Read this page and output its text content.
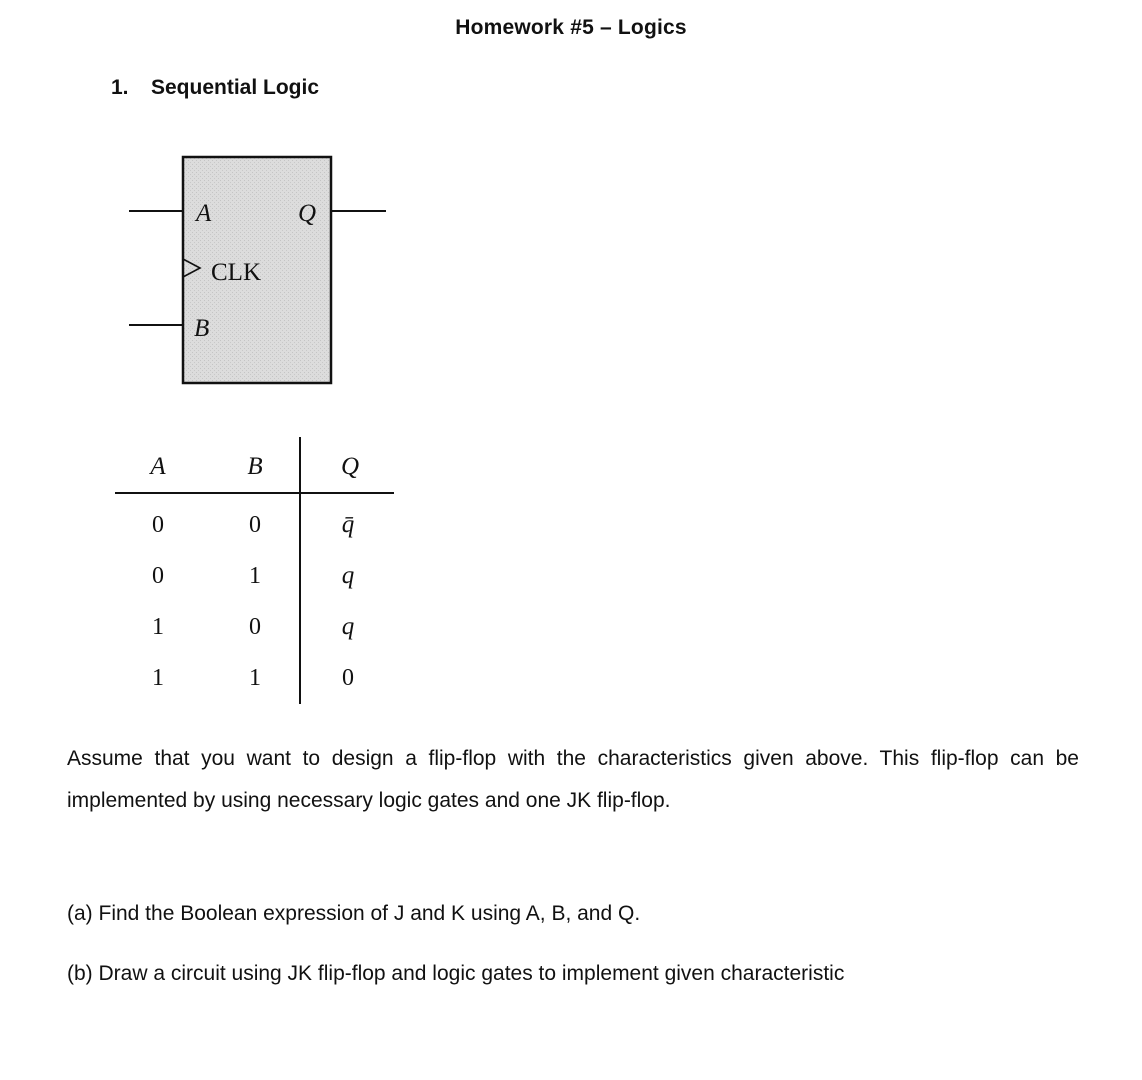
Homework #5 – Logics
1. Sequential Logic
A	Q
CLK
B
A	B	Q
0	0	q̄
0	1	q
1	0	q
1	1	0
Assume that you want to design a flip-flop with the characteristics given above. This flip-flop can be implemented by using necessary logic gates and one JK flip-flop.
(a) Find the Boolean expression of J and K using A, B, and Q.
(b) Draw a circuit using JK flip-flop and logic gates to implement given characteristic
